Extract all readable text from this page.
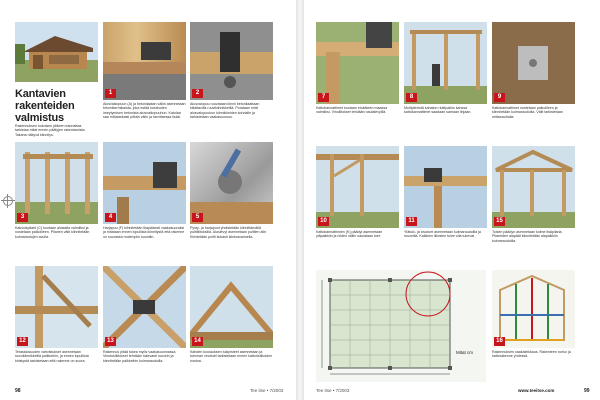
Kantavien
rakenteiden
valmistus
1
Alusvalkopuun (A) ja betonilaatan väliin asennetaan bitumikermikaista, joka estää kosteuden imeytymisen betonista alusvalkopuuhun. Katolaa saa mittatarkasti pitkän välin ja tarvittaessa lisää.
2
Alusvalopuu ruuvataan kiinni betonilaattaan kiilattavilla ruuvikiinnikkeillä. Porataan reiät alusvalopuuhun kiinnikkeiden kohdalle ja tarkistetaan vaakasuoruus.
3
Kaksoispilarit (C) kootaan alustalla valmiiksi ja nostetaan paikoilleen. Pilarien välit kiinnitetään kulmarautojen avulla.
4
Harjapuu (F) kiinnitetään tilapäisesti vaakasuoraksi ja mitataan ennen lopullista kiinnitystä että rakenne on suorassa molempiin suuntiin.
5
Pysty- ja harjapuut yhdistetään kiinnittämällä pulttiliitoksilla. Aluslevyt asennetaan pulttien alle. Kiristetään pultit tiukasti kiintoavaimella.
12
Terassiosuuden vahvistukset asennetaan ruuvikiinnikkeillä palkkeihin, ja ennen lopullista kiristystä tarkistetaan että rakenne on suora.
13
Rakennus pitää tukea myös vaakasuunnassa. Vinotukiliitokset tehdään tukevasti ruuvein ja kiinnitetään palkkeihin kulmaraudoilla.
14
Kahden koolauksen tukipisteet asennetaan ja tuennan vinotuet tarkistetaan ennen kattoristikoiden nostoa.
Rakennuksen kokoisen jälkeen kannattaa tarkistaa mitat ennen päätyjen rakentamista. Takana näkyvä kiinnitys.
98	Tee itse • 7/2003
7
Kattokannattimet kootaan etukäteen maassa valmiiksi. Vinoliitokset tehdään naulalevyillä.
8
Multiplexistä sahatun riuttipalkin kanssa kattokannattimet saadaan samaan linjaan.
9
Kattokannattimet nostetaan paikoilleen ja kiinnitetään kulmaraudoilla. Välit tarkistetaan mittanauhalla.
10
Kattokannattimien (K) päädyt asennetaan yläpalkkiin ja niiden väliin naulataan tuet.
11
Ylätuki- ja sivutuet asennetaan kulmaraudoilla ja ruuveilla. Kaikkien liitosten tulee olla tukevat.
15
Toisen päädyn asennetaan kolme lisäpilaria. Pilareiden alapäät kiinnitetään alapalkkiin kulmaraudoilla.
Mitat cm
16
Rakennuksen vaakaleikkaus. Rakenteen runko ja kattorakenne yhdessä.
Tee itse • 7/2003	www.teeitse.com	99
